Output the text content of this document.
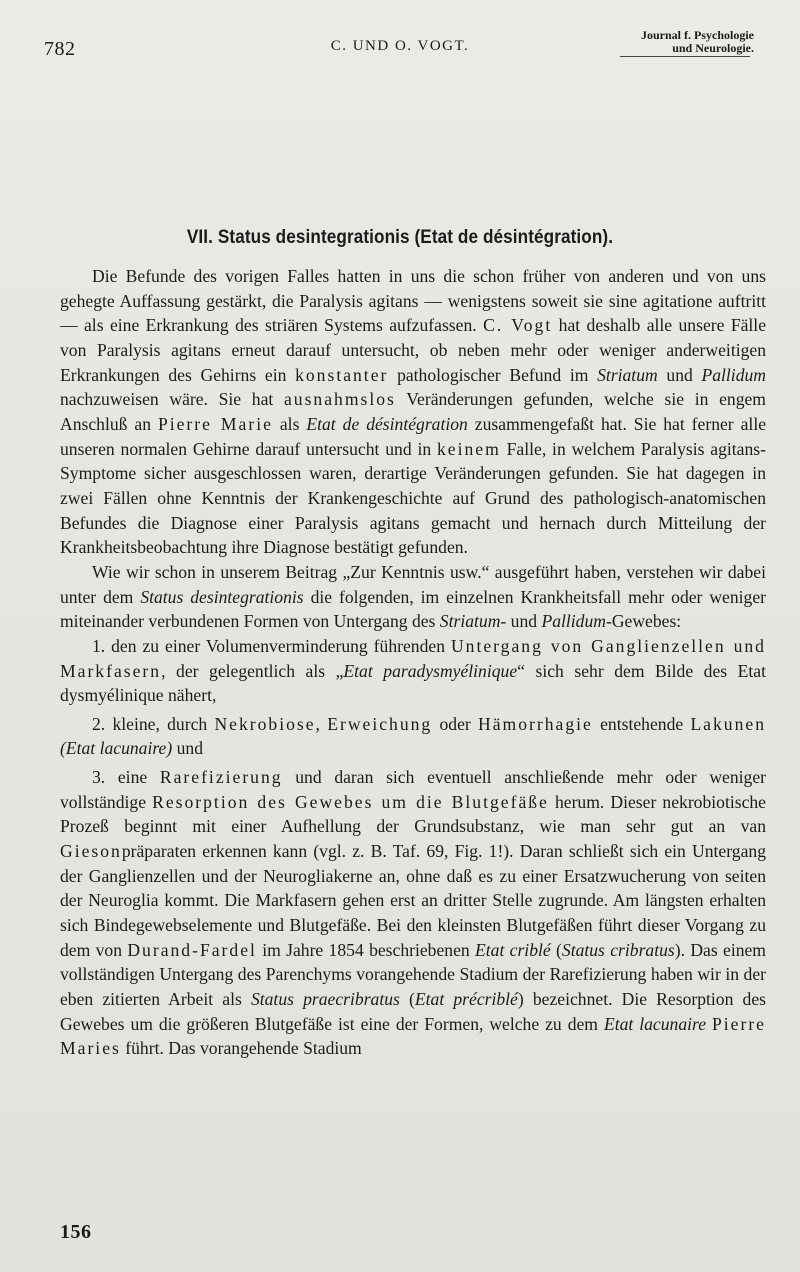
782	C. UND O. VOGT.
Journal f. Psychologie
und Neurologie.
VII. Status desintegrationis (Etat de désintégration).

Die Befunde des vorigen Falles hatten in uns die schon früher von anderen und von uns gehegte Auffassung gestärkt, die Paralysis agitans — wenigstens soweit sie sine agitatione auftritt — als eine Erkrankung des striären Systems aufzufassen. C. Vogt hat deshalb alle unsere Fälle von Paralysis agitans erneut darauf untersucht, ob neben mehr oder weniger anderweitigen Erkrankungen des Gehirns ein konstanter pathologischer Befund im Striatum und Pallidum nachzuweisen wäre. Sie hat ausnahmslos Veränderungen gefunden, welche sie in engem Anschluß an Pierre Marie als Etat de désintégration zusammengefaßt hat. Sie hat ferner alle unseren normalen Gehirne darauf untersucht und in keinem Falle, in welchem Paralysis agitans-Symptome sicher ausgeschlossen waren, derartige Veränderungen gefunden. Sie hat dagegen in zwei Fällen ohne Kenntnis der Krankengeschichte auf Grund des pathologisch-anatomischen Befundes die Diagnose einer Paralysis agitans gemacht und hernach durch Mitteilung der Krankheitsbeobachtung ihre Diagnose bestätigt gefunden.

Wie wir schon in unserem Beitrag „Zur Kenntnis usw.“ ausgeführt haben, verstehen wir dabei unter dem Status desintegrationis die folgenden, im einzelnen Krankheitsfall mehr oder weniger miteinander verbundenen Formen von Untergang des Striatum- und Pallidum-Gewebes:

1. den zu einer Volumenverminderung führenden Untergang von Ganglienzellen und Markfasern, der gelegentlich als „Etat paradysmyélinique“ sich sehr dem Bilde des Etat dysmyélinique nähert,

2. kleine, durch Nekrobiose, Erweichung oder Hämorrhagie entstehende Lakunen (Etat lacunaire) und

3. eine Rarefizierung und daran sich eventuell anschließende mehr oder weniger vollständige Resorption des Gewebes um die Blutgefäße herum. Dieser nekrobiotische Prozeß beginnt mit einer Aufhellung der Grundsubstanz, wie man sehr gut an van Giesonpräparaten erkennen kann (vgl. z. B. Taf. 69, Fig. 1!). Daran schließt sich ein Untergang der Ganglienzellen und der Neurogliakerne an, ohne daß es zu einer Ersatzwucherung von seiten der Neuroglia kommt. Die Markfasern gehen erst an dritter Stelle zugrunde. Am längsten erhalten sich Bindegewebselemente und Blutgefäße. Bei den kleinsten Blutgefäßen führt dieser Vorgang zu dem von Durand-Fardel im Jahre 1854 beschriebenen Etat criblé (Status cribratus). Das einem vollständigen Untergang des Parenchyms vorangehende Stadium der Rarefizierung haben wir in der eben zitierten Arbeit als Status praecribratus (Etat précriblé) bezeichnet. Die Resorption des Gewebes um die größeren Blutgefäße ist eine der Formen, welche zu dem Etat lacunaire Pierre Maries führt. Das vorangehende Stadium

156
